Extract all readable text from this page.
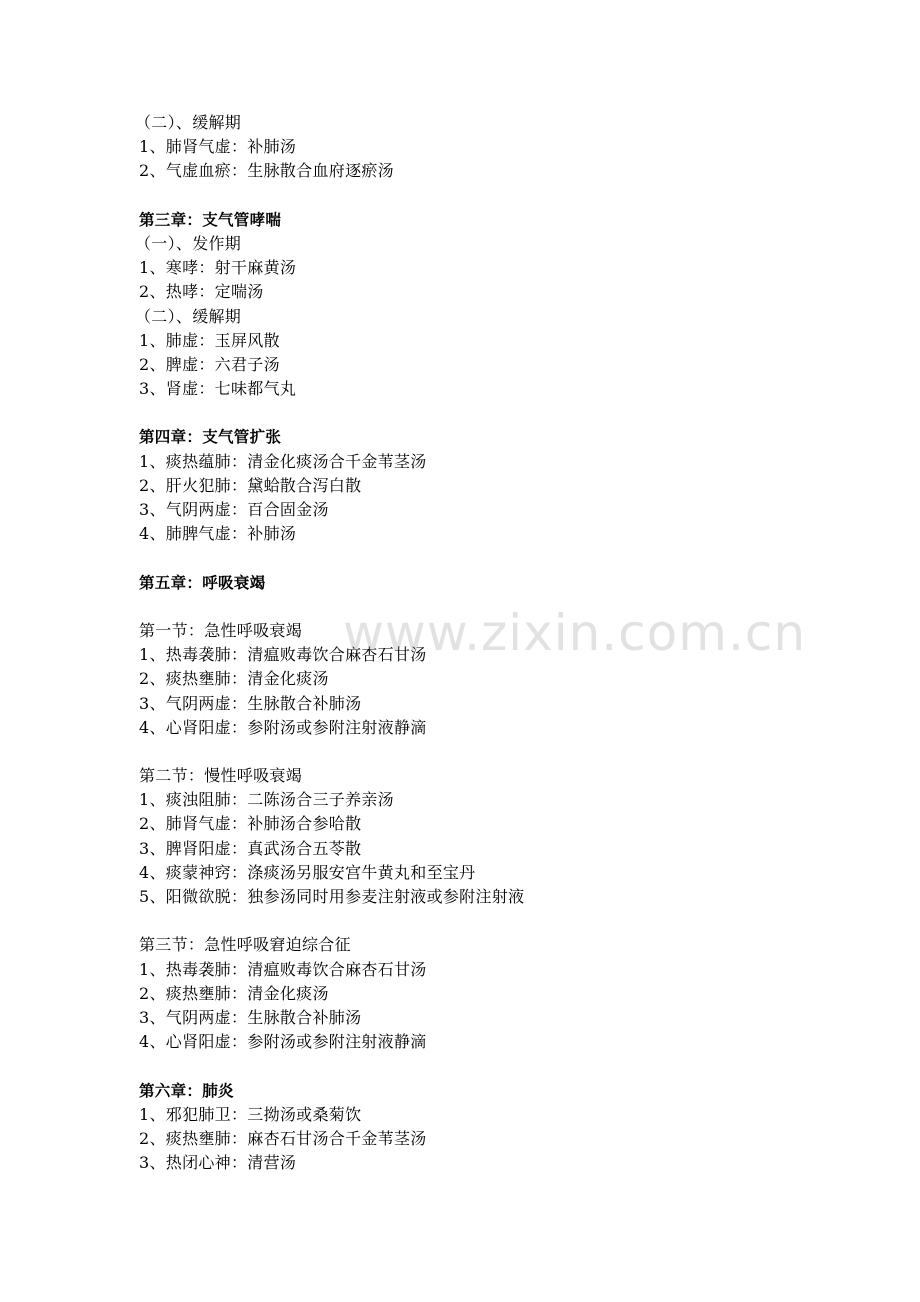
（二）、缓解期
1、肺肾气虚：补肺汤
2、气虚血瘀：生脉散合血府逐瘀汤
第三章：支气管哮喘
（一）、发作期
1、寒哮：射干麻黄汤
2、热哮：定喘汤
（二）、缓解期
1、肺虚：玉屏风散
2、脾虚：六君子汤
3、肾虚：七味都气丸
第四章：支气管扩张
1、痰热蕴肺：清金化痰汤合千金苇茎汤
2、肝火犯肺：黛蛤散合泻白散
3、气阴两虚：百合固金汤
4、肺脾气虚：补肺汤
第五章：呼吸衰竭
第一节：急性呼吸衰竭
1、热毒袭肺：清瘟败毒饮合麻杏石甘汤
2、痰热壅肺：清金化痰汤
3、气阴两虚：生脉散合补肺汤
4、心肾阳虚：参附汤或参附注射液静滴
第二节：慢性呼吸衰竭
1、痰浊阻肺：二陈汤合三子养亲汤
2、肺肾气虚：补肺汤合参哈散
3、脾肾阳虚：真武汤合五苓散
4、痰蒙神窍：涤痰汤另服安宫牛黄丸和至宝丹
5、阳微欲脱：独参汤同时用参麦注射液或参附注射液
第三节：急性呼吸窘迫综合征
1、热毒袭肺：清瘟败毒饮合麻杏石甘汤
2、痰热壅肺：清金化痰汤
3、气阴两虚：生脉散合补肺汤
4、心肾阳虚：参附汤或参附注射液静滴
第六章：肺炎
1、邪犯肺卫：三拗汤或桑菊饮
2、痰热壅肺：麻杏石甘汤合千金苇茎汤
3、热闭心神：清营汤
www.zixin.com.cn
